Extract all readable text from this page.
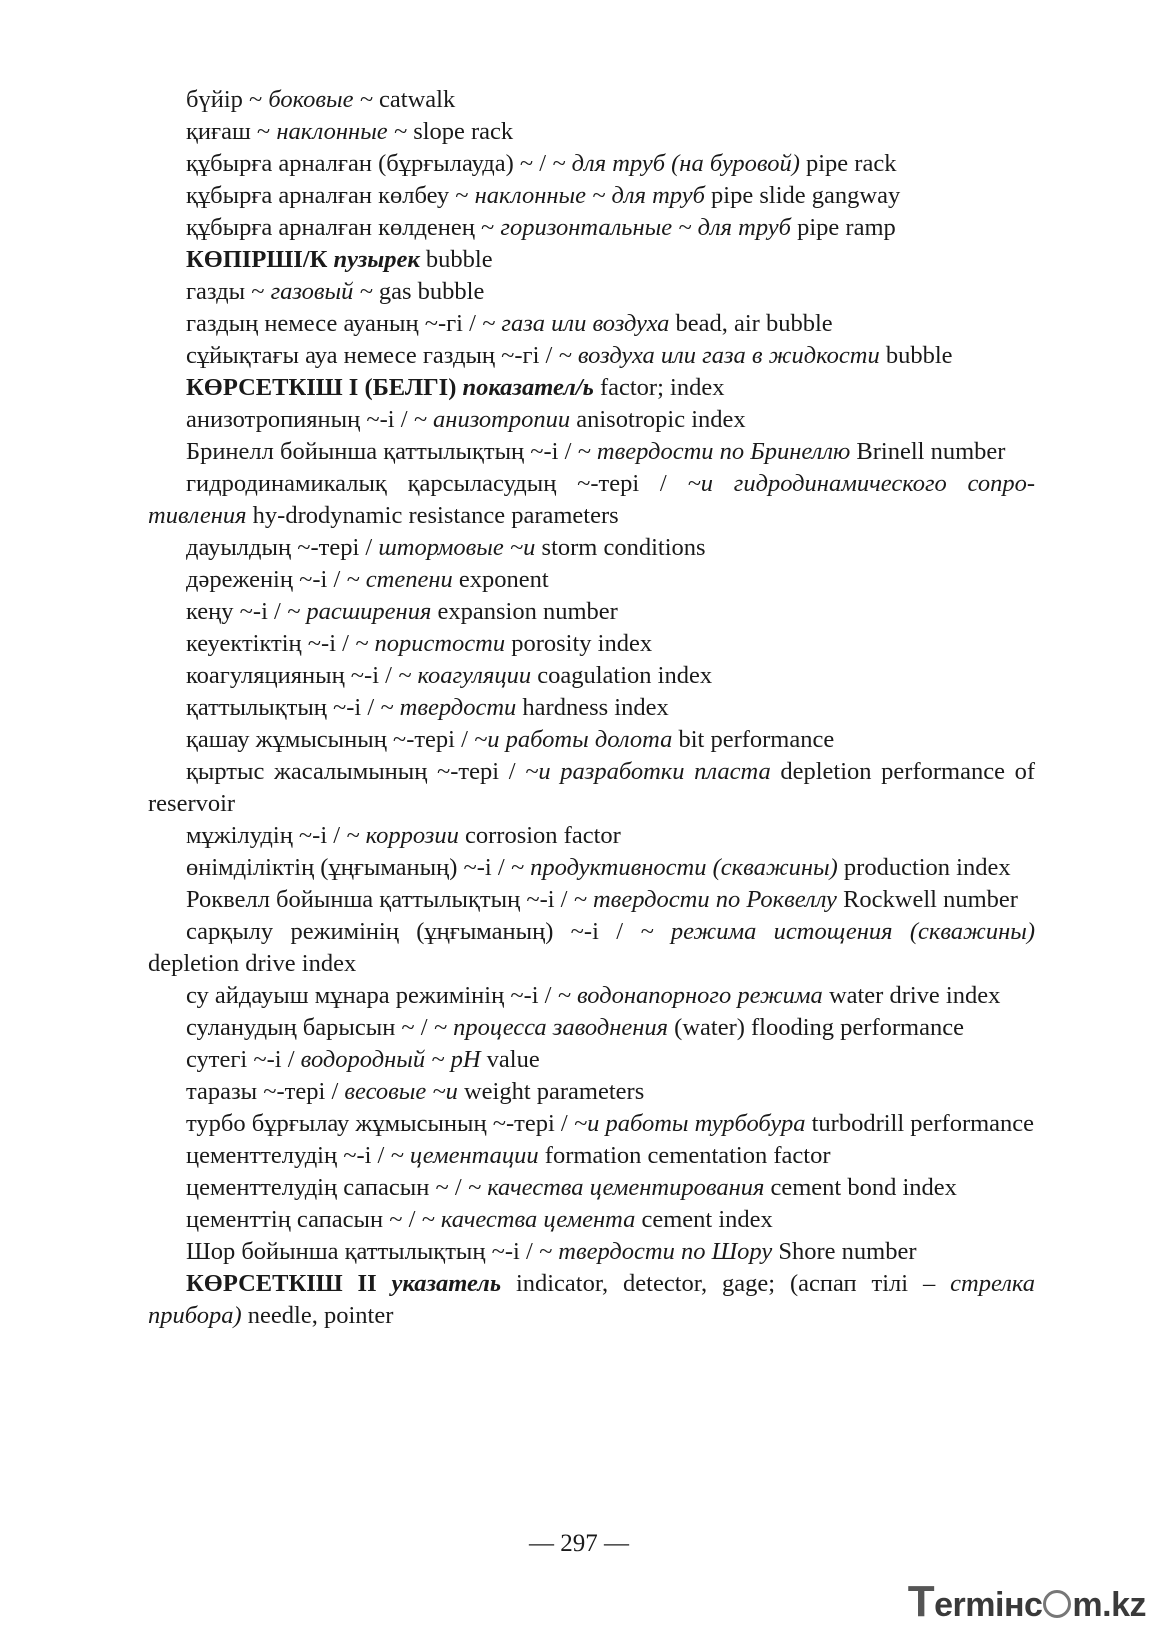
бүйір ~ боковые ~ catwalk

қиғаш ~ наклонные ~ slope rack

құбырға арналған (бұрғылауда) ~ / ~ для труб (на буровой) pipe rack

құбырға арналған көлбеу ~ наклонные ~ для труб pipe slide gangway

құбырға арналған көлденең ~ горизонтальные ~ для труб pipe ramp

КӨПІРШІ/К пузырек bubble

газды ~ газовый ~ gas bubble

газдың немесе ауаның ~-гі / ~ газа или воздуха bead, air bubble

сұйықтағы ауа немесе газдың ~-гі / ~ воздуха или газа в жидкости bubble

КӨРСЕТКІШ І (БЕЛГІ) показател/ь factor; index

анизотропияның ~-і / ~ анизотропии anisotropic index

Бринелл бойынша қаттылықтың ~-і / ~ твердости по Бринеллю Brinell number

гидродинамикалық қарсыласудың ~-тері / ~и гидродинамического сопро-тивления hy-drodynamic resistance parameters

дауылдың ~-тері / штормовые ~и storm conditions

дәреженің ~-і / ~ степени exponent

кеңу ~-і / ~ расширения expansion number

кеуектіктің ~-і / ~ пористости porosity index

коагуляцияның ~-і / ~ коагуляции coagulation index

қаттылықтың ~-і / ~ твердости hardness index

қашау жұмысының ~-тері / ~и работы долота bit performance

қыртыс жасалымының ~-тері / ~и разработки пласта depletion performance of reservoir

мұжілудің ~-і / ~ коррозии corrosion factor

өнімділіктің (ұңғыманың) ~-і / ~ продуктивности (скважины) production index

Роквелл бойынша қаттылықтың ~-і / ~ твердости по Роквеллу Rockwell number

сарқылу режимінің (ұңғыманың) ~-і / ~ режима истощения (скважины) depletion drive index

су айдауыш мұнара режимінің ~-і / ~ водонапорного режима water drive index

суланудың барысын ~ / ~ процесса заводнения (water) flooding performance

сутегі ~-і / водородный ~ pH value

таразы ~-тері / весовые ~и weight parameters

турбо бұрғылау жұмысының ~-тері / ~и работы турбобура turbodrill performance

цементтелудің ~-і / ~ цементации formation cementation factor

цементтелудің сапасын ~ / ~ качества цементирования cement bond index

цементтің сапасын ~ / ~ качества цемента cement index

Шор бойынша қаттылықтың ~-і / ~ твердости по Шору Shore number

КӨРСЕТКІШ ІІ указатель indicator, detector, gage; (аспап тілі – стрелка прибора) needle, pointer

— 297 —
Termінc m.kz
